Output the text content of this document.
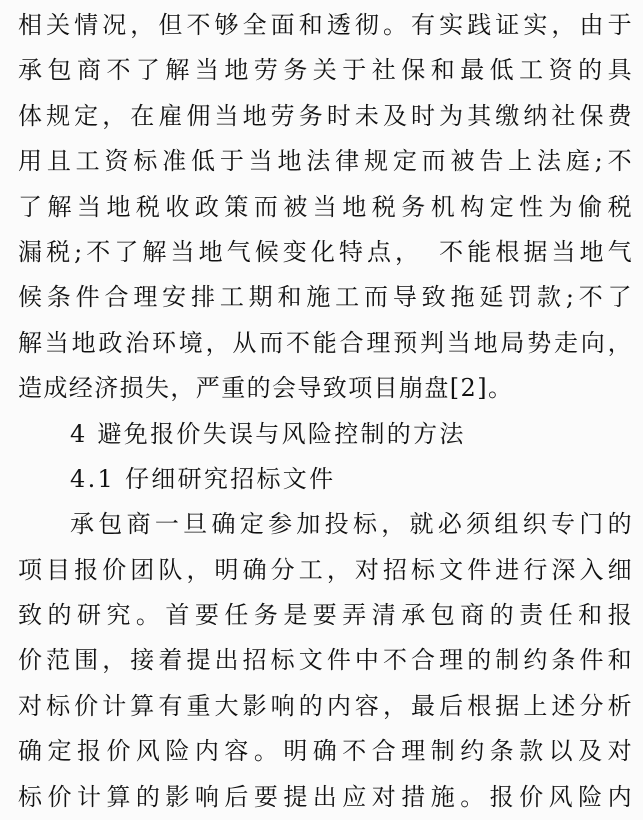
相关情况，但不够全面和透彻。有实践证实，由于
承包商不了解当地劳务关于社保和最低工资的具
体规定，在雇佣当地劳务时未及时为其缴纳社保费
用且工资标准低于当地法律规定而被告上法庭;不
了解当地税收政策而被当地税务机构定性为偷税
漏税;不了解当地气候变化特点，　不能根据当地气
候条件合理安排工期和施工而导致拖延罚款;不了
解当地政治环境，从而不能合理预判当地局势走向，
造成经济损失，严重的会导致项目崩盘[2]。
4 避免报价失误与风险控制的方法
4.1 仔细研究招标文件
承包商一旦确定参加投标，就必须组织专门的
项目报价团队，明确分工，对招标文件进行深入细
致的研究。首要任务是要弄清承包商的责任和报
价范围，接着提出招标文件中不合理的制约条件和
对标价计算有重大影响的内容，最后根据上述分析
确定报价风险内容。明确不合理制约条款以及对
标价计算的影响后要提出应对措施。报价风险内
